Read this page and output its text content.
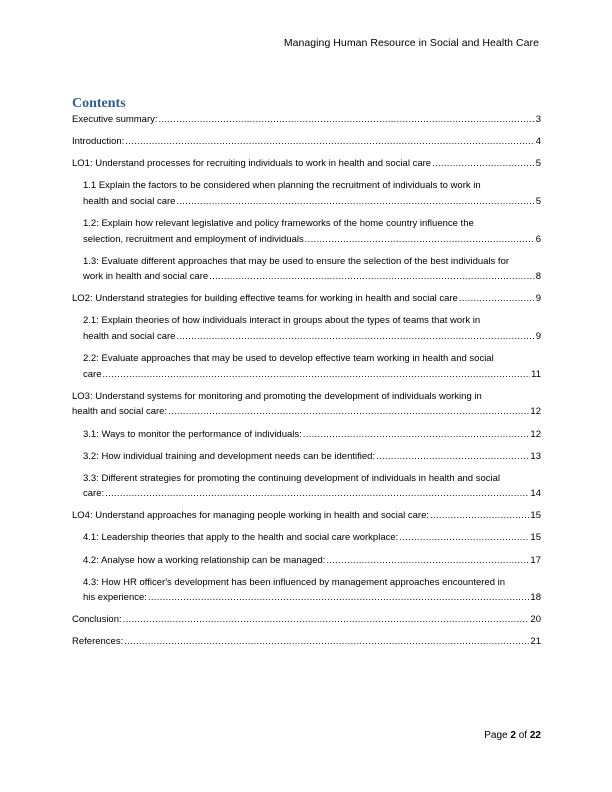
Managing Human Resource in Social and Health Care
Contents
Executive summary: .....	3
Introduction: .....	4
LO1: Understand processes for recruiting individuals to work in health and social care .....	5
1.1 Explain the factors to be considered when planning the recruitment of individuals to work in
health and social care .....	5
1.2: Explain how relevant legislative and policy frameworks of the home country influence the
selection, recruitment and employment of individuals .....	6
1.3: Evaluate different approaches that may be used to ensure the selection of the best individuals for
work in health and social care .....	8
LO2: Understand strategies for building effective teams for working in health and social care .....	9
2.1: Explain theories of how individuals interact in groups about the types of teams that work in
health and social care .....	9
2.2: Evaluate approaches that may be used to develop effective team working in health and social
care .....	11
LO3: Understand systems for monitoring and promoting the development of individuals working in
health and social care: .....	12
3.1: Ways to monitor the performance of individuals: .....	12
3.2: How individual training and development needs can be identified: .....	13
3.3: Different strategies for promoting the continuing development of individuals in health and social
care: .....	14
LO4: Understand approaches for managing people working in health and social care: .....	15
4.1: Leadership theories that apply to the health and social care workplace: .....	15
4.2: Analyse how a working relationship can be managed: .....	17
4.3: How HR officer's development has been influenced by management approaches encountered in
his experience: .....	18
Conclusion: .....	20
References: .....	21
Page 2 of 22
